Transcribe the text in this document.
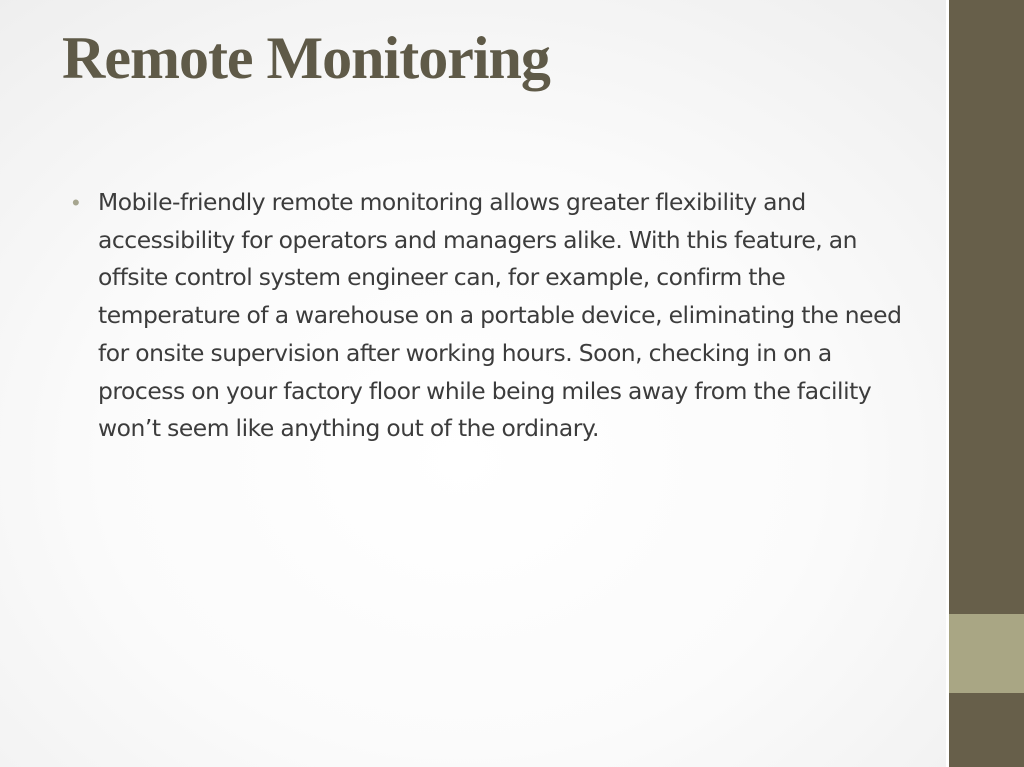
Remote Monitoring
• Mobile-friendly remote monitoring allows greater flexibility and accessibility for operators and managers alike. With this feature, an offsite control system engineer can, for example, confirm the temperature of a warehouse on a portable device, eliminating the need for onsite supervision after working hours. Soon, checking in on a process on your factory floor while being miles away from the facility won’t seem like anything out of the ordinary.
